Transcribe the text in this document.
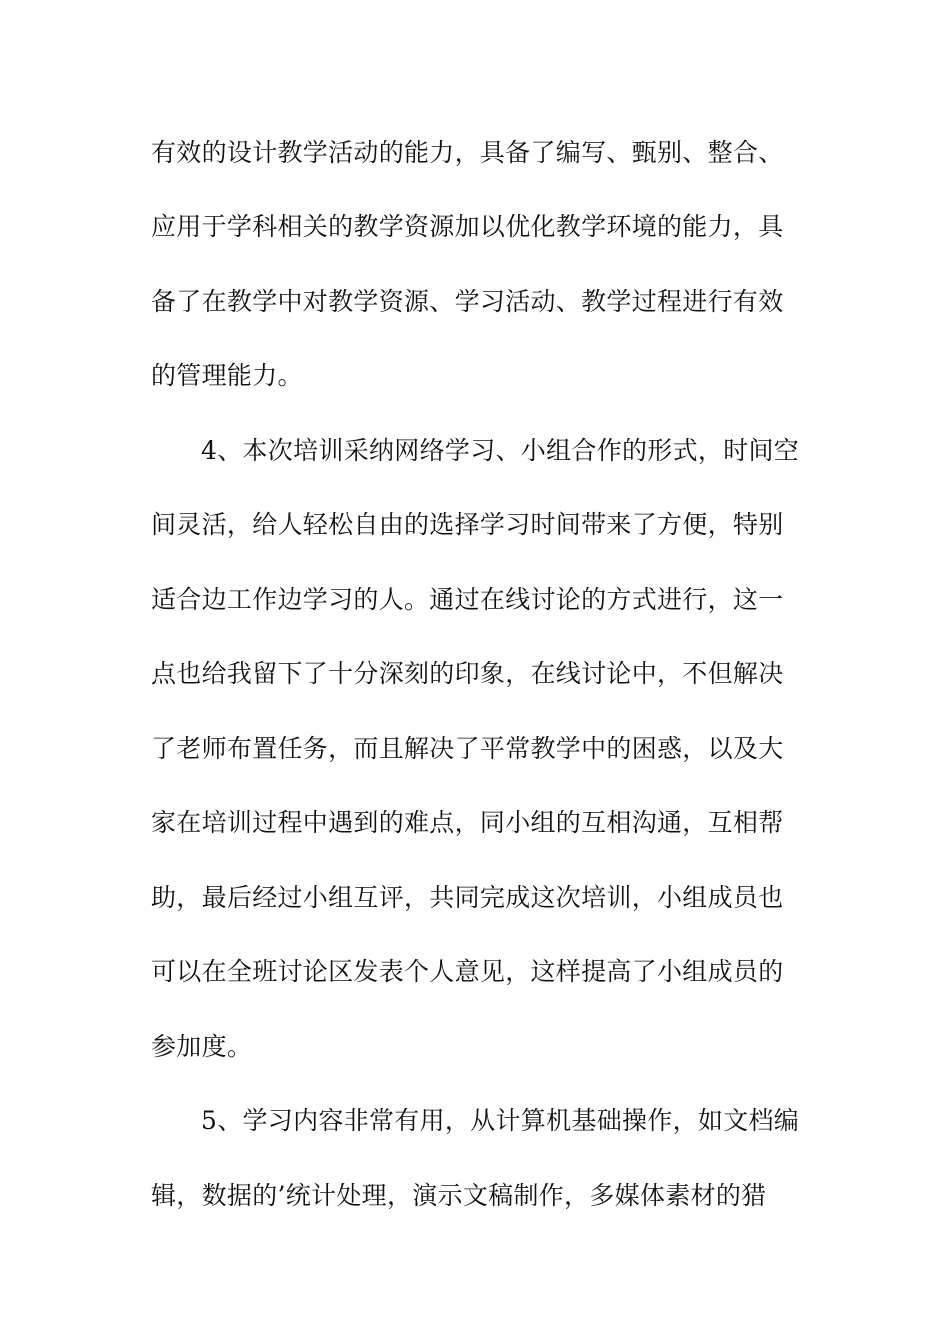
有效的设计教学活动的能力，具备了编写、甄别、整合、
应用于学科相关的教学资源加以优化教学环境的能力，具
备了在教学中对教学资源、学习活动、教学过程进行有效
的管理能力。
4、本次培训采纳网络学习、小组合作的形式，时间空
间灵活，给人轻松自由的选择学习时间带来了方便，特别
适合边工作边学习的人。通过在线讨论的方式进行，这一
点也给我留下了十分深刻的印象，在线讨论中，不但解决
了老师布置任务，而且解决了平常教学中的困惑，以及大
家在培训过程中遇到的难点，同小组的互相沟通，互相帮
助，最后经过小组互评，共同完成这次培训，小组成员也
可以在全班讨论区发表个人意见，这样提高了小组成员的
参加度。
5、学习内容非常有用，从计算机基础操作，如文档编
辑，数据的’统计处理，演示文稿制作，多媒体素材的猎
